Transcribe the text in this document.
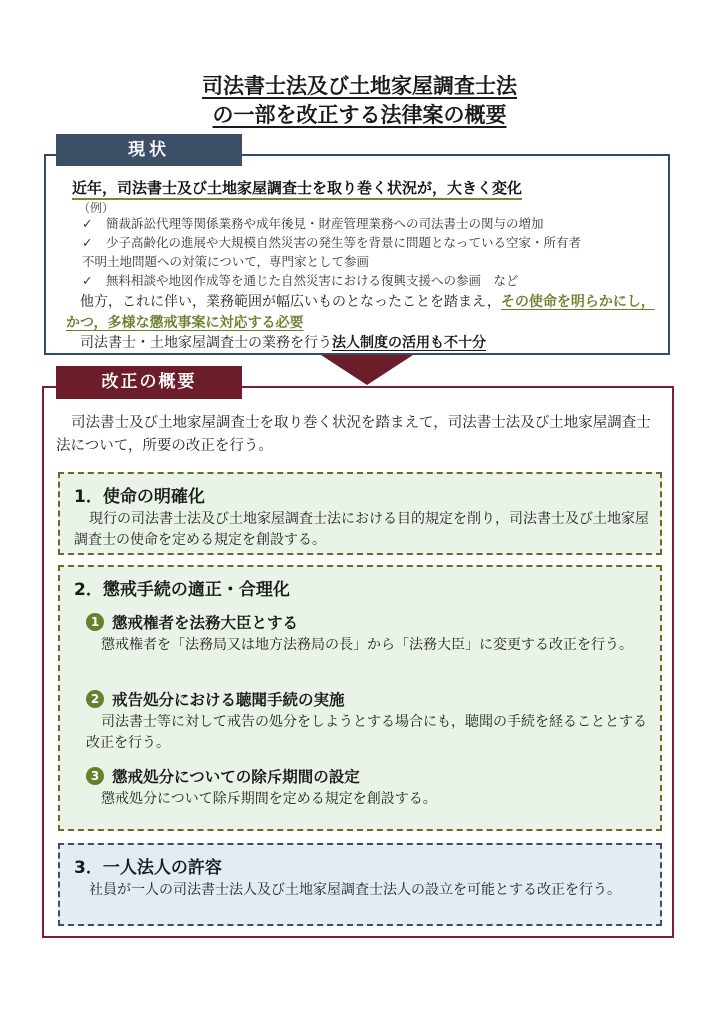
司法書士法及び土地家屋調査士法
の一部を改正する法律案の概要
現状
近年，司法書士及び土地家屋調査士を取り巻く状況が，大きく変化
（例）
✓	簡裁訴訟代理等関係業務や成年後見・財産管理業務への司法書士の関与の増加
✓	少子高齢化の進展や大規模自然災害の発生等を背景に問題となっている空家・所有者
不明土地問題への対策について，専門家として参画
✓	無料相談や地図作成等を通じた自然災害における復興支援への参画　など
他方，これに伴い，業務範囲が幅広いものとなったことを踏まえ，その使命を明らかにし，かつ，多様な懲戒事案に対応する必要
司法書士・土地家屋調査士の業務を行う法人制度の活用も不十分
改正の概要
司法書士及び土地家屋調査士を取り巻く状況を踏まえて，司法書士法及び土地家屋調査士法について，所要の改正を行う。
1．使命の明確化
現行の司法書士法及び土地家屋調査士法における目的規定を削り，司法書士及び土地家屋調査士の使命を定める規定を創設する。
2．懲戒手続の適正・合理化
1 懲戒権者を法務大臣とする
懲戒権者を「法務局又は地方法務局の長」から「法務大臣」に変更する改正を行う。
2 戒告処分における聴聞手続の実施
司法書士等に対して戒告の処分をしようとする場合にも，聴聞の手続を経ることとする改正を行う。
3 懲戒処分についての除斥期間の設定
懲戒処分について除斥期間を定める規定を創設する。
3．一人法人の許容
社員が一人の司法書士法人及び土地家屋調査士法人の設立を可能とする改正を行う。
